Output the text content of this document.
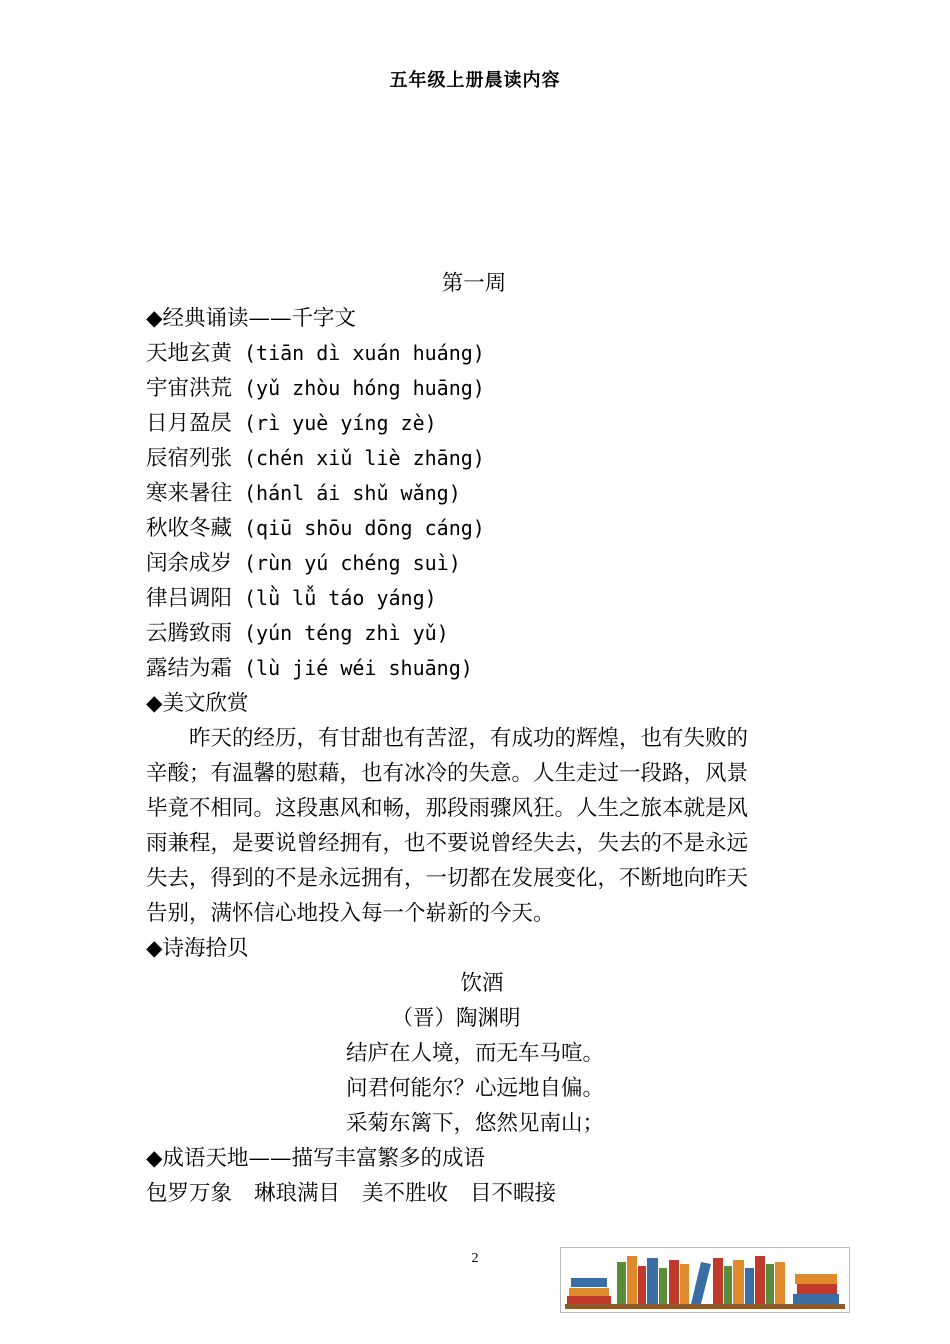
五年级上册晨读内容
第一周
◆经典诵读——千字文
天地玄黄 (tiān dì xuán huáng)
宇宙洪荒 (yǔ zhòu hóng huāng)
日月盈昃 (rì yuè yíng zè)
辰宿列张 (chén xiǔ liè zhāng)
寒来暑往 (hánl ái shǔ wǎng)
秋收冬藏 (qiū shōu dōng cáng)
闰余成岁 (rùn yú chéng suì)
律吕调阳 (lǜ lǚ táo yáng)
云腾致雨 (yún téng zhì yǔ)
露结为霜 (lù jié wéi shuāng)
◆美文欣赏
昨天的经历，有甘甜也有苦涩，有成功的辉煌，也有失败的
辛酸；有温馨的慰藉，也有冰冷的失意。人生走过一段路，风景
毕竟不相同。这段惠风和畅，那段雨骤风狂。人生之旅本就是风
雨兼程，是要说曾经拥有，也不要说曾经失去，失去的不是永远
失去，得到的不是永远拥有，一切都在发展变化，不断地向昨天
告别，满怀信心地投入每一个崭新的今天。
◆诗海拾贝
饮酒
（晋）陶渊明
结庐在人境，而无车马喧。
问君何能尔？心远地自偏。
采菊东篱下，悠然见南山；
◆成语天地——描写丰富繁多的成语
包罗万象 琳琅满目 美不胜收 目不暇接
2
